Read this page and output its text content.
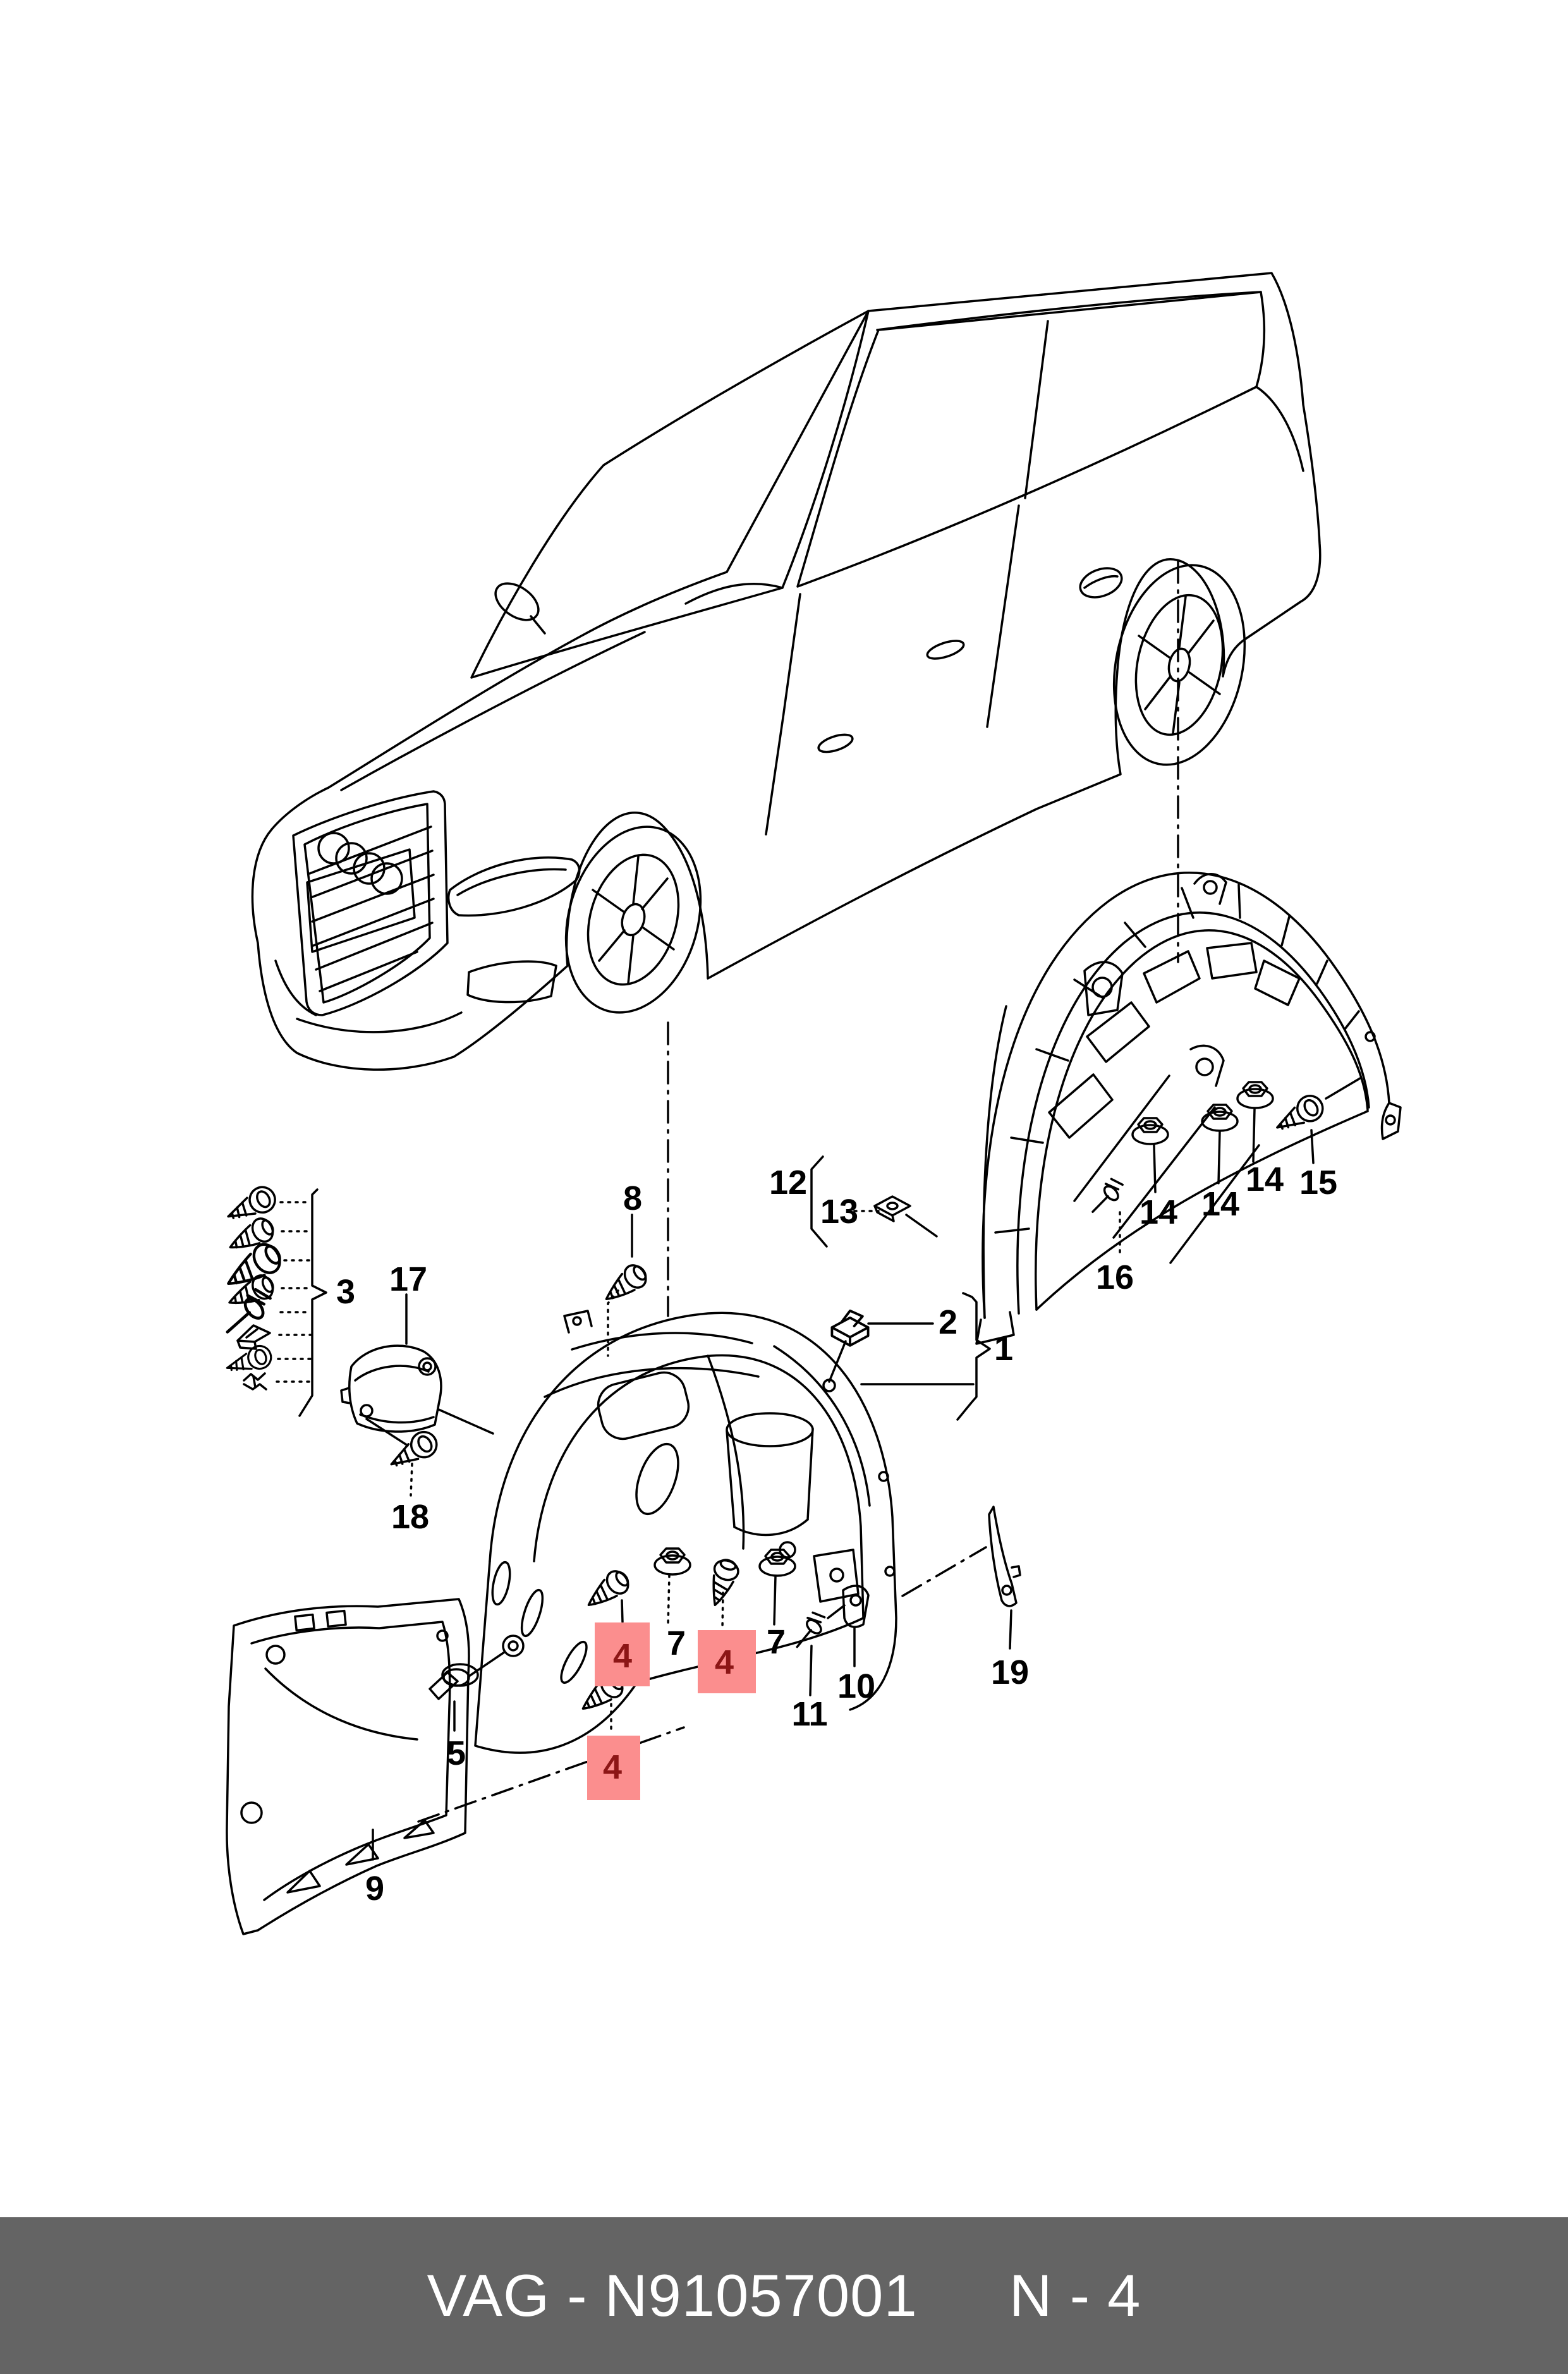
3 17
18
8
2
1
12
13
16
14 14
14 15
4 7 4
7
11
10
5	4
9
19
VAG - N91057001 N - 4
